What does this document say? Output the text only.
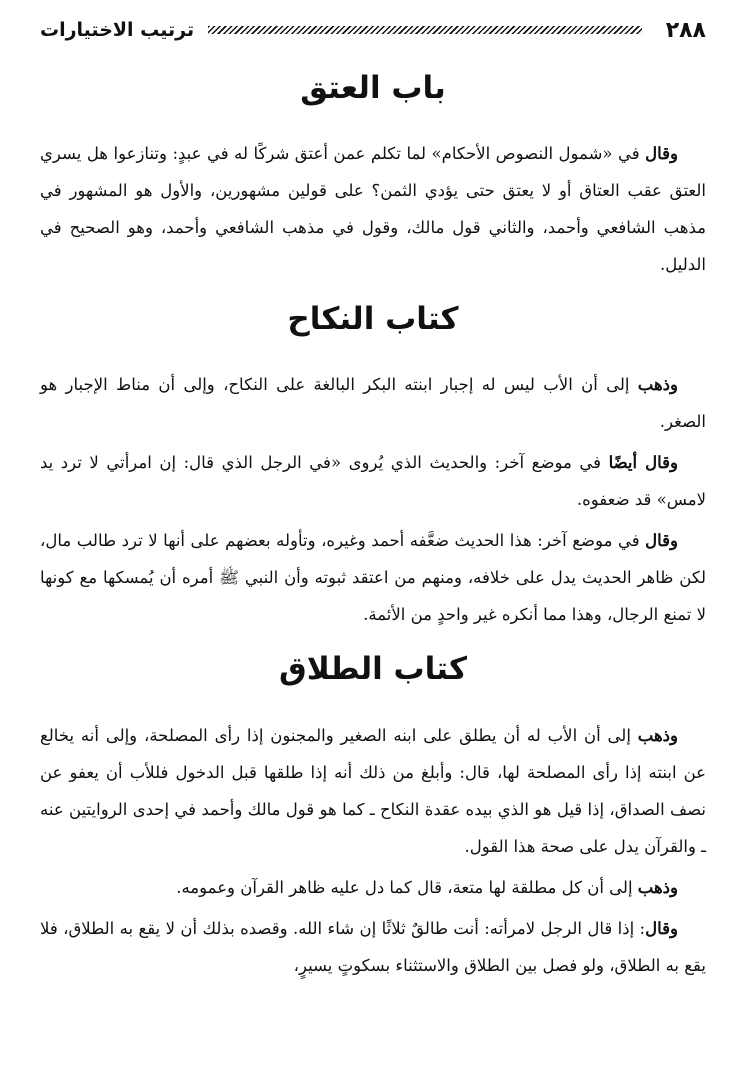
٢٨٨
ترتيب الاختيارات
باب العتق

وقال في «شمول النصوص الأحكام» لما تكلم عمن أعتق شركًا له في عبدٍ: وتنازعوا هل يسري العتق عقب العتاق أو لا يعتق حتى يؤدي الثمن؟ على قولين مشهورين، والأول هو المشهور في مذهب الشافعي وأحمد، والثاني قول مالك، وقول في مذهب الشافعي وأحمد، وهو الصحيح في الدليل.

كتاب النكاح

وذهب إلى أن الأب ليس له إجبار ابنته البكر البالغة على النكاح، وإلى أن مناط الإجبار هو الصغر.

وقال أيضًا في موضع آخر: والحديث الذي يُروى «في الرجل الذي قال: إن امرأتي لا ترد يد لامس» قد ضعفوه.

وقال في موضع آخر: هذا الحديث ضعَّفه أحمد وغيره، وتأوله بعضهم على أنها لا ترد طالب مال، لكن ظاهر الحديث يدل على خلافه، ومنهم من اعتقد ثبوته وأن النبي ﷺ أمره أن يُمسكها مع كونها لا تمنع الرجال، وهذا مما أنكره غير واحدٍ من الأئمة.

كتاب الطلاق

وذهب إلى أن الأب له أن يطلق على ابنه الصغير والمجنون إذا رأى المصلحة، وإلى أنه يخالع عن ابنته إذا رأى المصلحة لها، قال: وأبلغ من ذلك أنه إذا طلقها قبل الدخول فللأب أن يعفو عن نصف الصداق، إذا قيل هو الذي بيده عقدة النكاح ـ كما هو قول مالك وأحمد في إحدى الروايتين عنه ـ والقرآن يدل على صحة هذا القول.

وذهب إلى أن كل مطلقة لها متعة، قال كما دل عليه ظاهر القرآن وعمومه.

وقال: إذا قال الرجل لامرأته: أنت طالقٌ ثلاثًا إن شاء الله. وقصده بذلك أن لا يقع به الطلاق، فلا يقع به الطلاق، ولو فصل بين الطلاق والاستثناء بسكوتٍ يسيرٍ،
